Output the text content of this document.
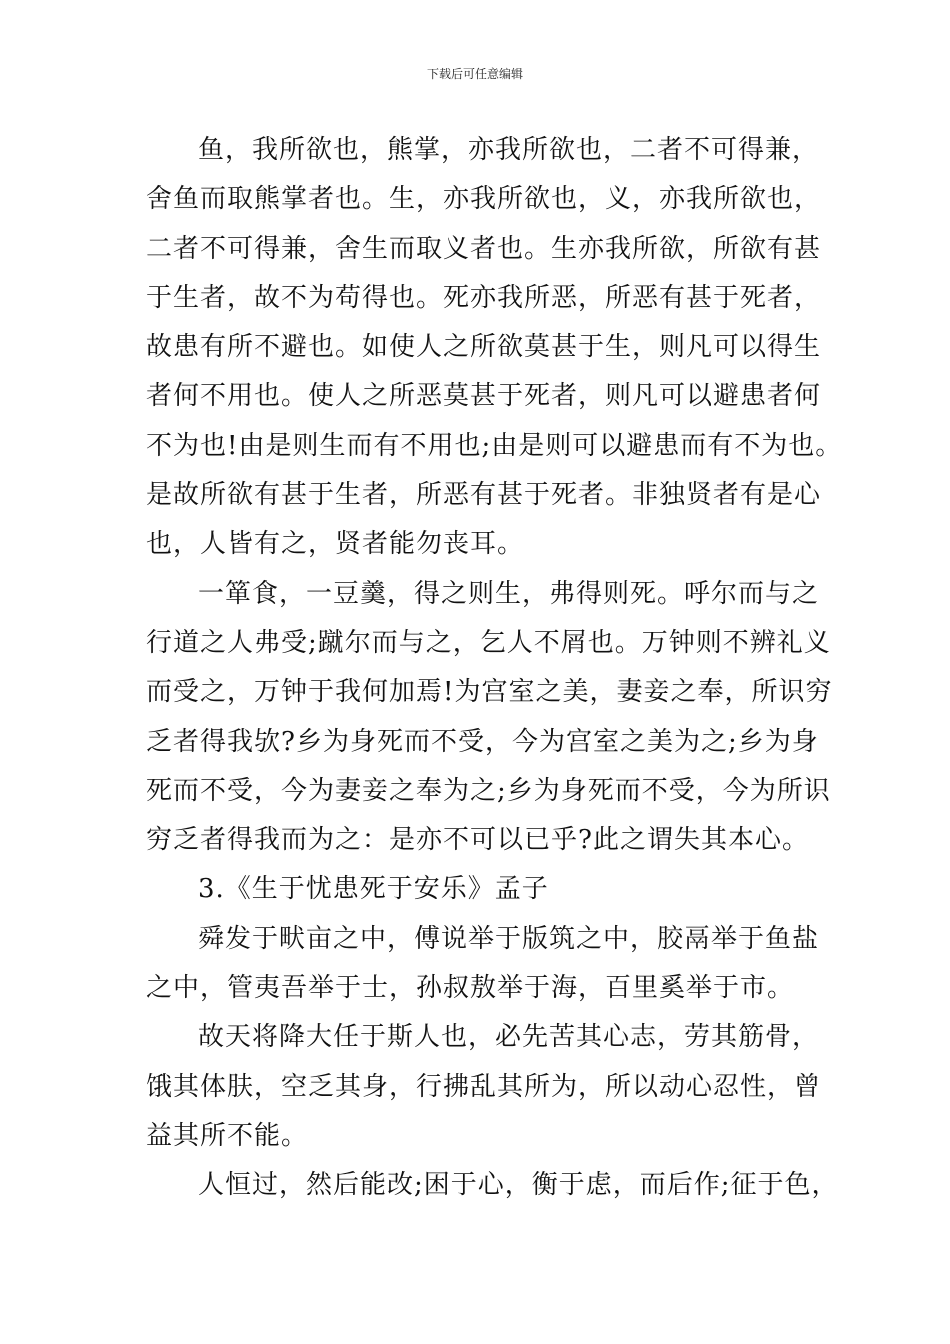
下载后可任意编辑
鱼，我所欲也，熊掌，亦我所欲也，二者不可得兼，
舍鱼而取熊掌者也。生，亦我所欲也，义，亦我所欲也，
二者不可得兼，舍生而取义者也。生亦我所欲，所欲有甚
于生者，故不为苟得也。死亦我所恶，所恶有甚于死者，
故患有所不避也。如使人之所欲莫甚于生，则凡可以得生
者何不用也。使人之所恶莫甚于死者，则凡可以避患者何
不为也!由是则生而有不用也;由是则可以避患而有不为也。
是故所欲有甚于生者，所恶有甚于死者。非独贤者有是心
也，人皆有之，贤者能勿丧耳。
一箪食，一豆羹，得之则生，弗得则死。呼尔而与之
行道之人弗受;蹴尔而与之，乞人不屑也。万钟则不辨礼义
而受之，万钟于我何加焉!为宫室之美，妻妾之奉，所识穷
乏者得我欤?乡为身死而不受，今为宫室之美为之;乡为身
死而不受，今为妻妾之奉为之;乡为身死而不受，今为所识
穷乏者得我而为之：是亦不可以已乎?此之谓失其本心。
3.《生于忧患死于安乐》孟子
舜发于畎亩之中，傅说举于版筑之中，胶鬲举于鱼盐
之中，管夷吾举于士，孙叔敖举于海，百里奚举于市。
故天将降大任于斯人也，必先苦其心志，劳其筋骨，
饿其体肤，空乏其身，行拂乱其所为，所以动心忍性，曾
益其所不能。
人恒过，然后能改;困于心，衡于虑，而后作;征于色，
